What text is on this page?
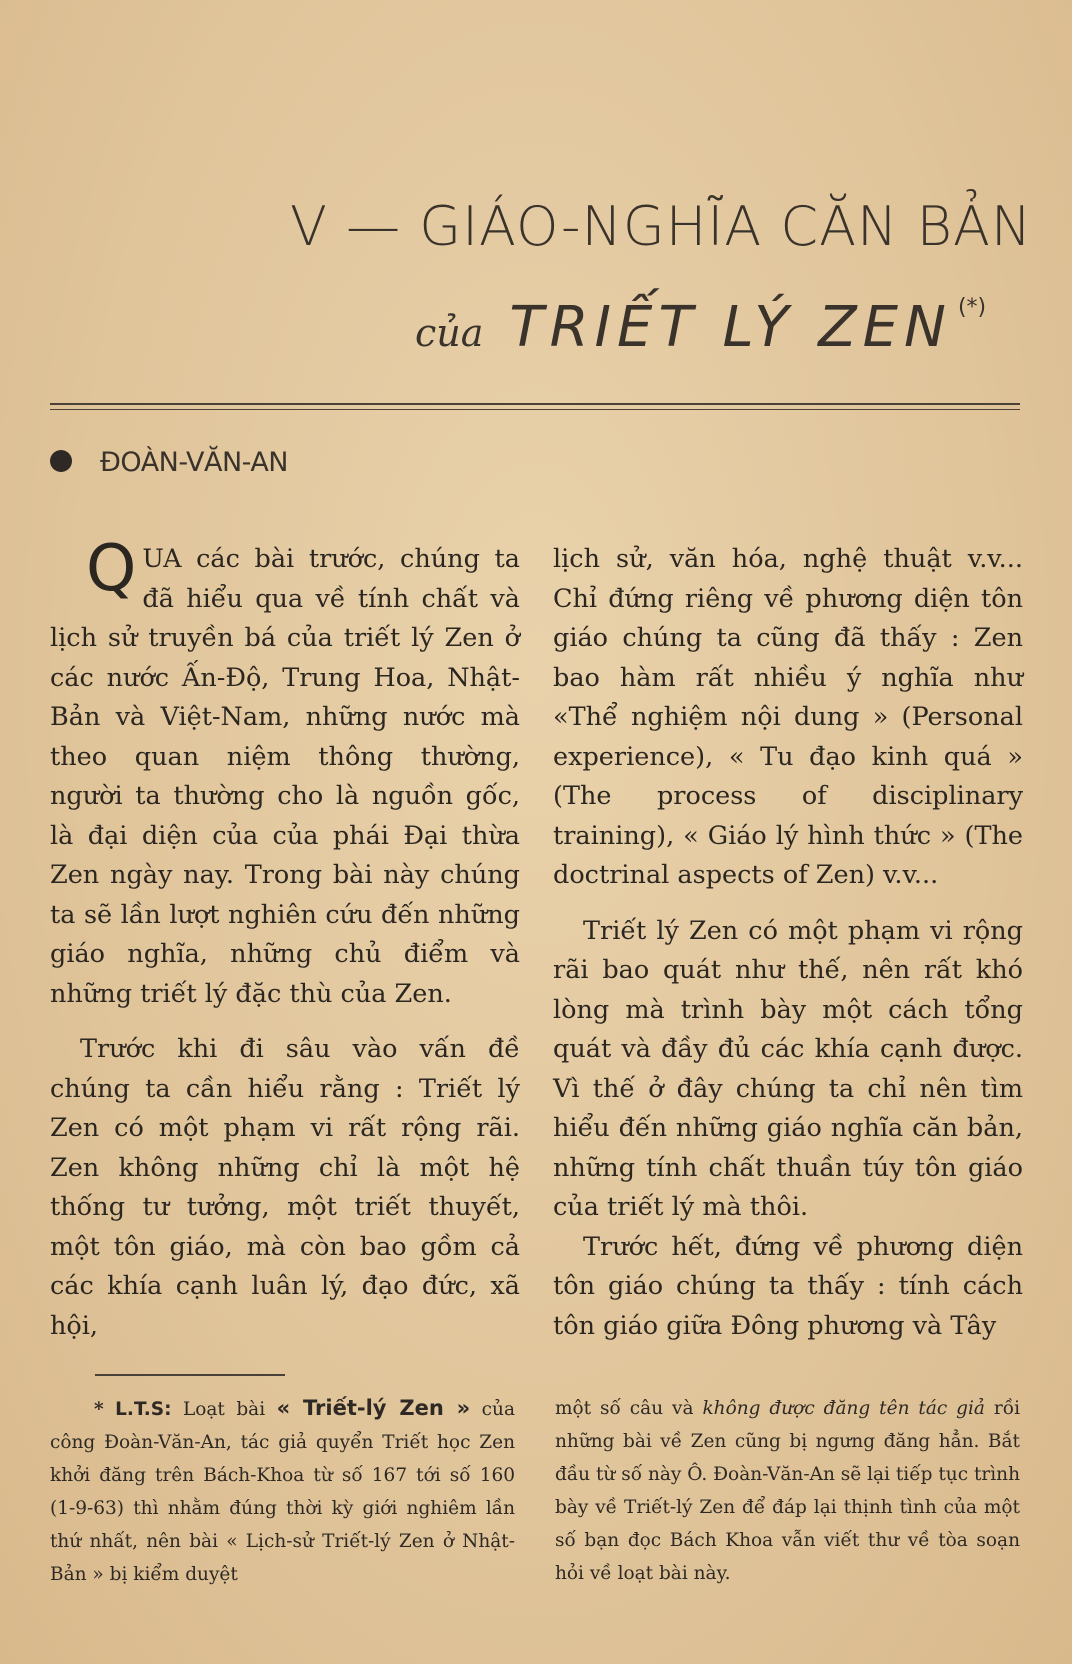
V — GIÁO-NGHĨA CĂN BẢN
của TRIẾT LÝ ZEN (*)
ĐOÀN-VĂN-AN

QUA các bài trước, chúng ta đã hiểu qua về tính chất và lịch sử truyền bá của triết lý Zen ở các nước Ấn-Độ, Trung Hoa, Nhật-Bản và Việt-Nam, những nước mà theo quan niệm thông thường, người ta thường cho là nguồn gốc, là đại diện của của phái Đại thừa Zen ngày nay. Trong bài này chúng ta sẽ lần lượt nghiên cứu đến những giáo nghĩa, những chủ điểm và những triết lý đặc thù của Zen.

Trước khi đi sâu vào vấn đề chúng ta cần hiểu rằng : Triết lý Zen có một phạm vi rất rộng rãi. Zen không những chỉ là một hệ thống tư tưởng, một triết thuyết, một tôn giáo, mà còn bao gồm cả các khía cạnh luân lý, đạo đức, xã hội,

lịch sử, văn hóa, nghệ thuật v.v... Chỉ đứng riêng về phương diện tôn giáo chúng ta cũng đã thấy : Zen bao hàm rất nhiều ý nghĩa như «Thể nghiệm nội dung » (Personal experience), « Tu đạo kinh quá » (The process of disciplinary training), « Giáo lý hình thức » (The doctrinal aspects of Zen) v.v...

Triết lý Zen có một phạm vi rộng rãi bao quát như thế, nên rất khó lòng mà trình bày một cách tổng quát và đầy đủ các khía cạnh được. Vì thế ở đây chúng ta chỉ nên tìm hiểu đến những giáo nghĩa căn bản, những tính chất thuần túy tôn giáo của triết lý mà thôi.

Trước hết, đứng về phương diện tôn giáo chúng ta thấy : tính cách tôn giáo giữa Đông phương và Tây

* L.T.S: Loạt bài « Triết-lý Zen » của công Đoàn-Văn-An, tác giả quyển Triết học Zen khởi đăng trên Bách-Khoa từ số 167 tới số 160 (1-9-63) thì nhằm đúng thời kỳ giới nghiêm lần thứ nhất, nên bài « Lịch-sử Triết-lý Zen ở Nhật-Bản » bị kiểm duyệt

một số câu và không được đăng tên tác giả rồi những bài về Zen cũng bị ngưng đăng hẳn. Bắt đầu từ số này Ô. Đoàn-Văn-An sẽ lại tiếp tục trình bày về Triết-lý Zen để đáp lại thịnh tình của một số bạn đọc Bách Khoa vẫn viết thư về tòa soạn hỏi về loạt bài này.
